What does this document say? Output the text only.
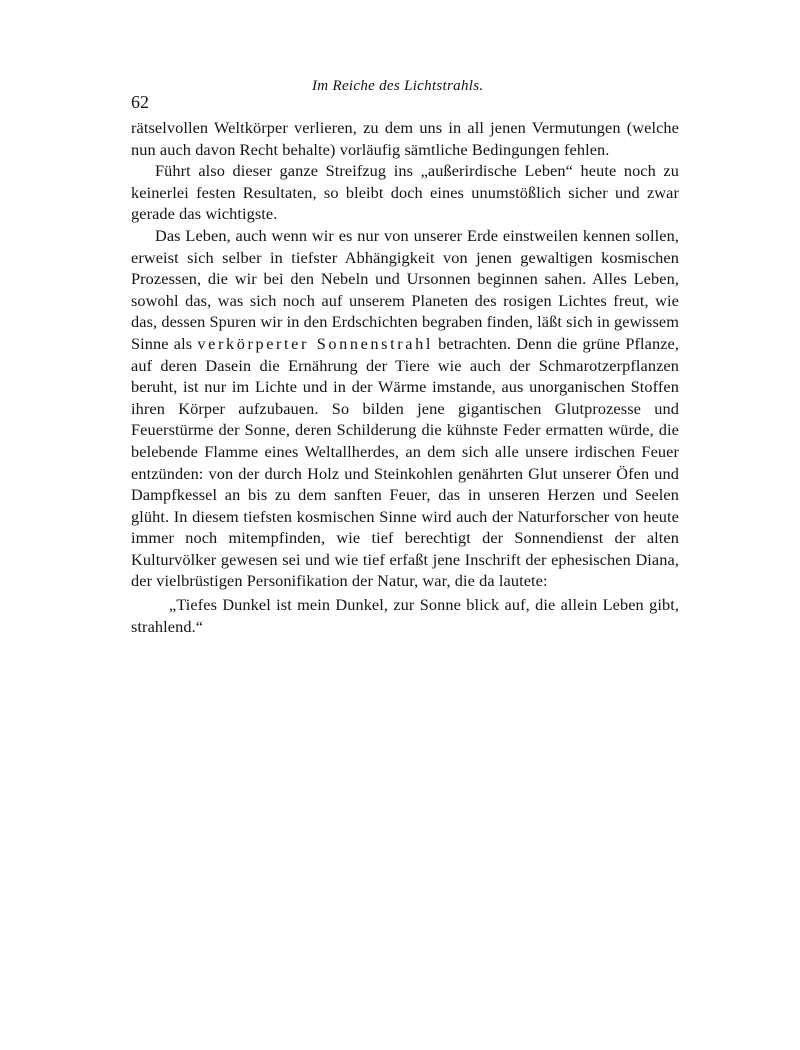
Im Reiche des Lichtstrahls.
62

rätselvollen Weltkörper verlieren, zu dem uns in all jenen Vermutungen (welche nun auch davon Recht behalte) vorläufig sämtliche Bedingungen fehlen.

Führt also dieser ganze Streifzug ins „außerirdische Leben“ heute noch zu keinerlei festen Resultaten, so bleibt doch eines unumstößlich sicher und zwar gerade das wichtigste.

Das Leben, auch wenn wir es nur von unserer Erde einstweilen kennen sollen, erweist sich selber in tiefster Abhängigkeit von jenen gewaltigen kosmischen Prozessen, die wir bei den Nebeln und Ursonnen beginnen sahen. Alles Leben, sowohl das, was sich noch auf unserem Planeten des rosigen Lichtes freut, wie das, dessen Spuren wir in den Erdschichten begraben finden, läßt sich in gewissem Sinne als verkörperter Sonnenstrahl betrachten. Denn die grüne Pflanze, auf deren Dasein die Ernährung der Tiere wie auch der Schmarotzerpflanzen beruht, ist nur im Lichte und in der Wärme imstande, aus unorganischen Stoffen ihren Körper aufzubauen. So bilden jene gigantischen Glutprozesse und Feuerstürme der Sonne, deren Schilderung die kühnste Feder ermatten würde, die belebende Flamme eines Weltallherdes, an dem sich alle unsere irdischen Feuer entzünden: von der durch Holz und Steinkohlen genährten Glut unserer Öfen und Dampfkessel an bis zu dem sanften Feuer, das in unseren Herzen und Seelen glüht. In diesem tiefsten kosmischen Sinne wird auch der Naturforscher von heute immer noch mitempfinden, wie tief berechtigt der Sonnendienst der alten Kulturvölker gewesen sei und wie tief erfaßt jene Inschrift der ephesischen Diana, der vielbrüstigen Personifikation der Natur, war, die da lautete:

„Tiefes Dunkel ist mein Dunkel, zur Sonne blick auf, die allein Leben gibt, strahlend.“
